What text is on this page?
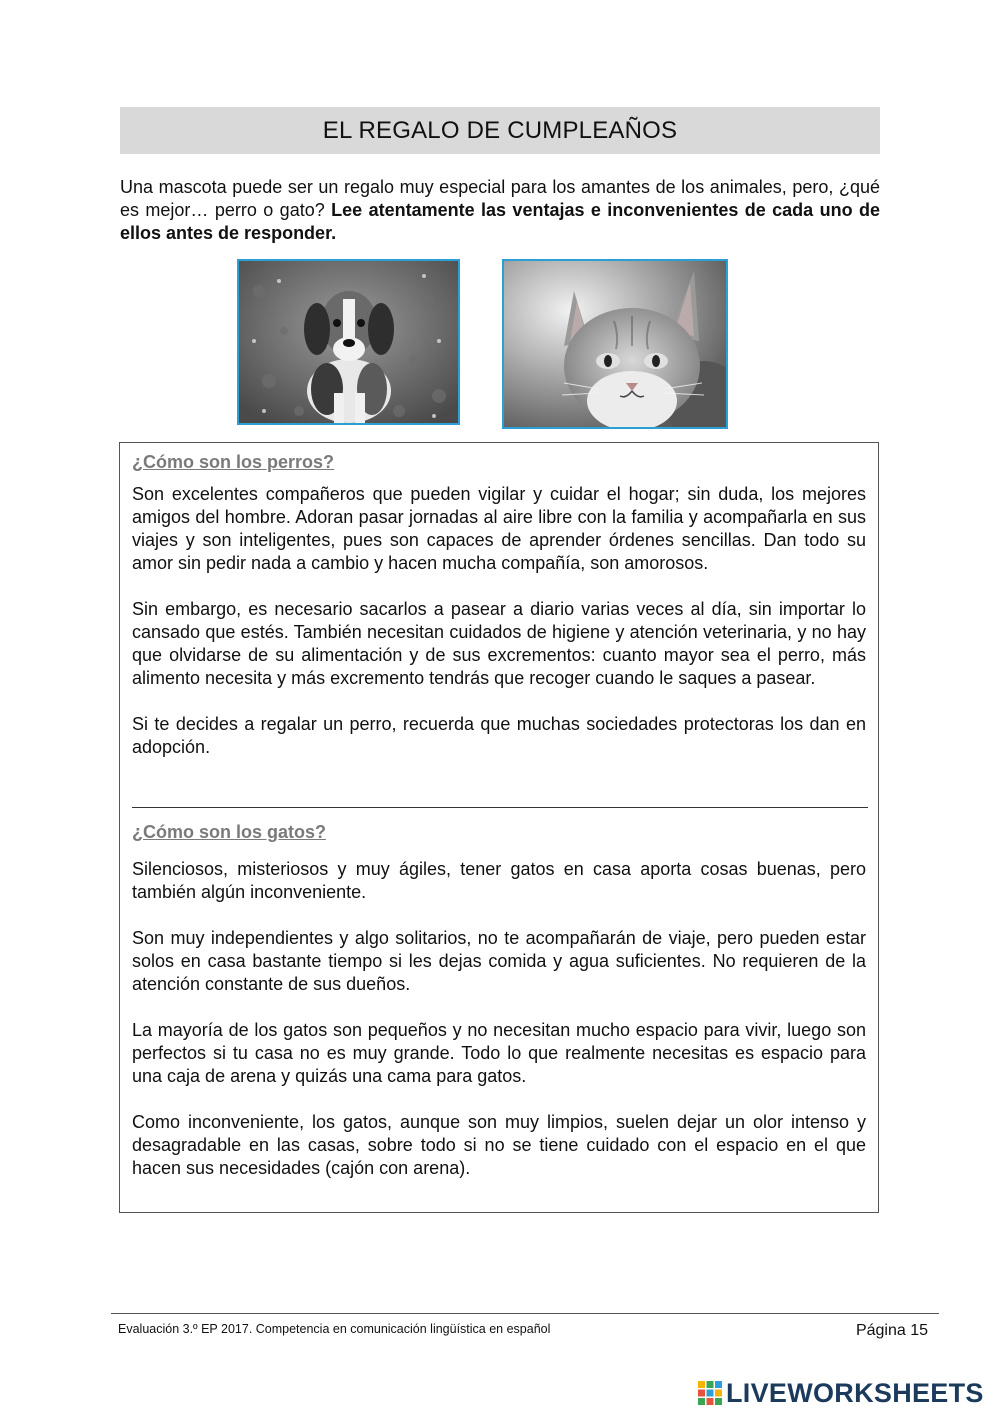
EL REGALO DE CUMPLEAÑOS

Una mascota puede ser un regalo muy especial para los amantes de los animales, pero, ¿qué es mejor… perro o gato? Lee atentamente las ventajas e inconvenientes de cada uno de ellos antes de responder.

¿Cómo son los perros?

Son excelentes compañeros que pueden vigilar y cuidar el hogar; sin duda, los mejores amigos del hombre. Adoran pasar jornadas al aire libre con la familia y acompañarla en sus viajes y son inteligentes, pues son capaces de aprender órdenes sencillas. Dan todo su amor sin pedir nada a cambio y hacen mucha compañía, son amorosos.

Sin embargo, es necesario sacarlos a pasear a diario varias veces al día, sin importar lo cansado que estés. También necesitan cuidados de higiene y atención veterinaria, y no hay que olvidarse de su alimentación y de sus excrementos: cuanto mayor sea el perro, más alimento necesita y más excremento tendrás que recoger cuando le saques a pasear.

Si te decides a regalar un perro, recuerda que muchas sociedades protectoras los dan en adopción.

¿Cómo son los gatos?

Silenciosos, misteriosos y muy ágiles, tener gatos en casa aporta cosas buenas, pero también algún inconveniente.

Son muy independientes y algo solitarios, no te acompañarán de viaje, pero pueden estar solos en casa bastante tiempo si les dejas comida y agua suficientes. No requieren de la atención constante de sus dueños.

La mayoría de los gatos son pequeños y no necesitan mucho espacio para vivir, luego son perfectos si tu casa no es muy grande. Todo lo que realmente necesitas es espacio para una caja de arena y quizás una cama para gatos.

Como inconveniente, los gatos, aunque son muy limpios, suelen dejar un olor intenso y desagradable en las casas, sobre todo si no se tiene cuidado con el espacio en el que hacen sus necesidades (cajón con arena).

Evaluación 3.º EP 2017. Competencia en comunicación lingüística en español	Página 15
LIVEWORKSHEETS
